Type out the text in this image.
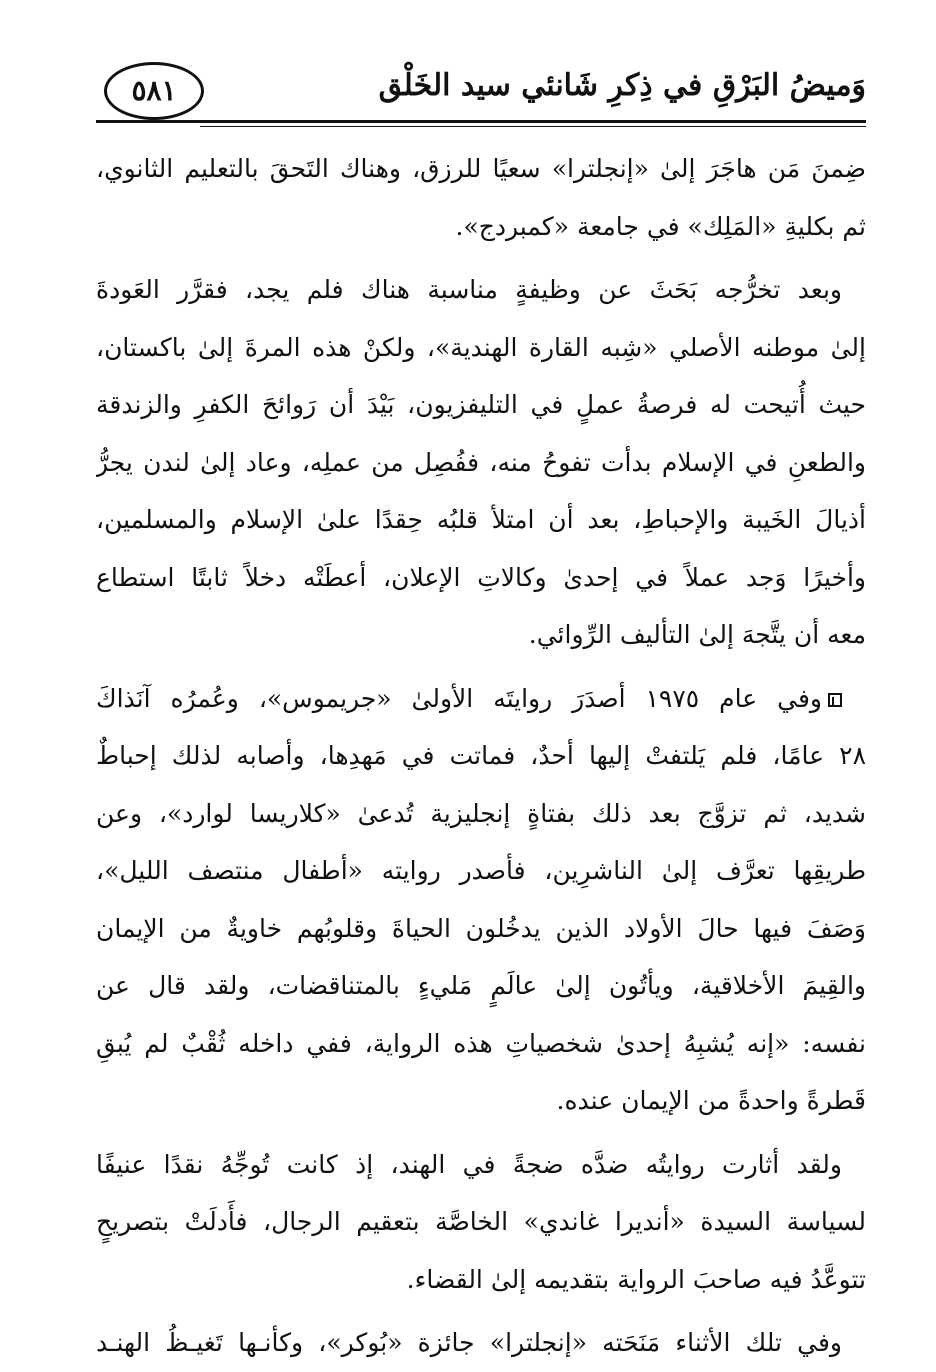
٥٨١	وَميضُ البَرْقِ في ذِكرِ شَانئي سيد الخَلْق
ضِمنَ مَن هاجَرَ إلىٰ «إنجلترا» سعيًا للرزق، وهناك التَحقَ بالتعليم الثانوي،
ثم بكليةِ «المَلِك» في جامعة «كمبردج».
وبعد تخرُّجه بَحَثَ عن وظيفةٍ مناسبة هناك فلم يجد، فقرَّر العَودةَ
إلىٰ موطنه الأصلي «شِبه القارة الهندية»، ولكنْ هذه المرةَ إلىٰ باكستان،
حيث أُتيحت له فرصةُ عملٍ في التليفزيون، بَيْدَ أن رَوائحَ الكفرِ والزندقة
والطعنِ في الإسلام بدأت تفوحُ منه، ففُصِل من عملِه، وعاد إلىٰ لندن يجرُّ
أذيالَ الخَيبة والإحباطِ، بعد أن امتلأ قلبُه حِقدًا علىٰ الإسلام والمسلمين،
وأخيرًا وَجد عملاً في إحدىٰ وكالاتِ الإعلان، أعطَتْه دخلاً ثابتًا استطاع
معه أن يتَّجهَ إلىٰ التأليف الرِّوائي.
وفي عام ١٩٧٥ أصدَرَ روايتَه الأولىٰ «جريموس»، وعُمرُه آنَذاكَ
٢٨ عامًا، فلم يَلتفتْ إليها أحدٌ، فماتت في مَهدِها، وأصابه لذلك إحباطٌ
شديد، ثم تزوَّج بعد ذلك بفتاةٍ إنجليزية تُدعىٰ «كلاريسا لوارد»، وعن
طريقِها تعرَّف إلىٰ الناشرِين، فأصدر روايته «أطفال منتصف الليل»،
وَصَفَ فيها حالَ الأولاد الذين يدخُلون الحياةَ وقلوبُهم خاويةٌ من الإيمان
والقِيمَ الأخلاقية، ويأتُون إلىٰ عالَمٍ مَليءٍ بالمتناقضات، ولقد قال عن
نفسه: «إنه يُشبِهُ إحدىٰ شخصياتِ هذه الرواية، ففي داخله ثُقْبٌ لم يُبقِ
قَطرةً واحدةً من الإيمان عنده.
ولقد أثارت روايتُه ضدَّه ضجةً في الهند، إذ كانت تُوجِّهُ نقدًا عنيفًا
لسياسة السيدة «أنديرا غاندي» الخاصَّة بتعقيم الرجال، فأَدلَتْ بتصريحٍ
تتوعَّدُ فيه صاحبَ الرواية بتقديمه إلىٰ القضاء.
وفي تلك الأثناء مَنَحَته «إنجلترا» جائزة «بُوكر»، وكأنـها تَغيـظُ الهنـد
